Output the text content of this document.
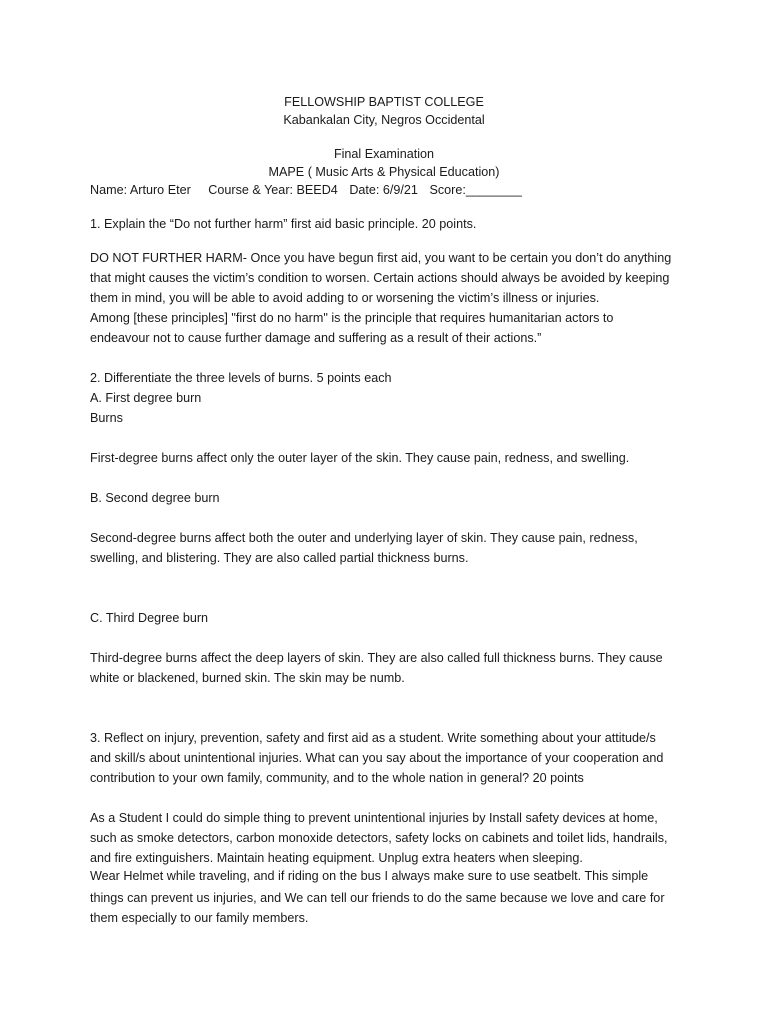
FELLOWSHIP BAPTIST COLLEGE
Kabankalan City, Negros Occidental
Final Examination
MAPE ( Music Arts & Physical Education)
Name: Arturo Eter Course & Year: BEED4 Date: 6/9/21 Score:________
1. Explain the “Do not further harm” first aid basic principle. 20 points.
DO NOT FURTHER HARM- Once you have begun first aid, you want to be certain you don’t do anything
that might causes the victim’s condition to worsen. Certain actions should always be avoided by keeping
them in mind, you will be able to avoid adding to or worsening the victim’s illness or injuries.
Among [these principles] "first do no harm" is the principle that requires humanitarian actors to
endeavour not to cause further damage and suffering as a result of their actions.”
2. Differentiate the three levels of burns. 5 points each
A. First degree burn
Burns
First-degree burns affect only the outer layer of the skin. They cause pain, redness, and swelling.
B. Second degree burn
Second-degree burns affect both the outer and underlying layer of skin. They cause pain, redness,
swelling, and blistering. They are also called partial thickness burns.
C. Third Degree burn
Third-degree burns affect the deep layers of skin. They are also called full thickness burns. They cause
white or blackened, burned skin. The skin may be numb.
3. Reflect on injury, prevention, safety and first aid as a student. Write something about your attitude/s
and skill/s about unintentional injuries. What can you say about the importance of your cooperation and
contribution to your own family, community, and to the whole nation in general? 20 points
As a Student I could do simple thing to prevent unintentional injuries by Install safety devices at home,
such as smoke detectors, carbon monoxide detectors, safety locks on cabinets and toilet lids, handrails,
and fire extinguishers. Maintain heating equipment. Unplug extra heaters when sleeping.
Wear Helmet while traveling, and if riding on the bus I always make sure to use seatbelt. This simple
things can prevent us injuries, and We can tell our friends to do the same because we love and care for
them especially to our family members.
